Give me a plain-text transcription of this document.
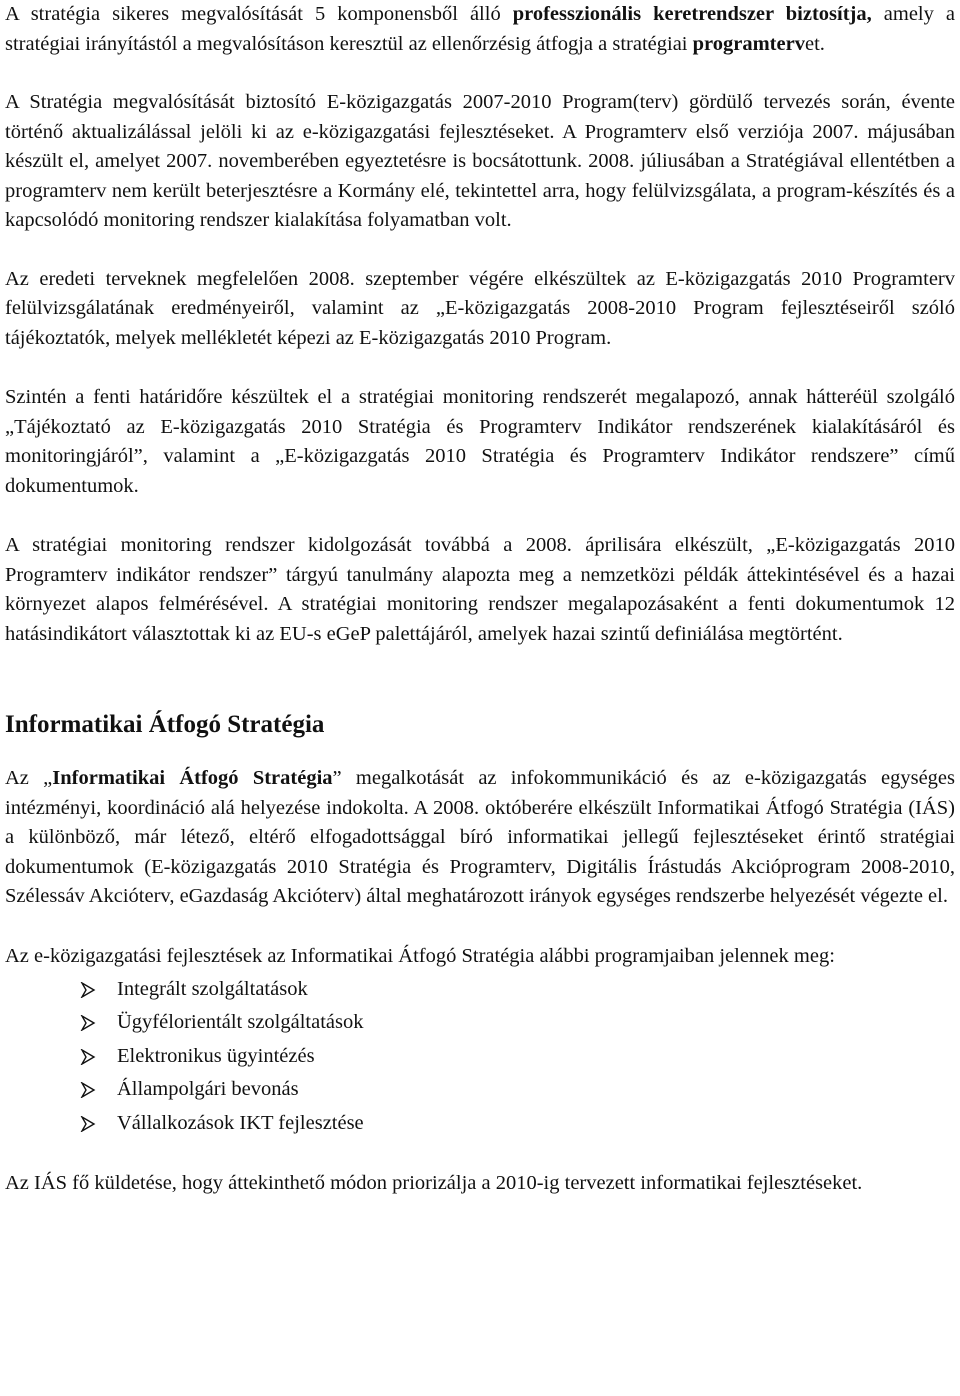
A stratégia sikeres megvalósítását 5 komponensből álló professzionális keretrendszer biztosítja, amely a stratégiai irányítástól a megvalósításon keresztül az ellenőrzésig átfogja a stratégiai programtervet.

A Stratégia megvalósítását biztosító E-közigazgatás 2007-2010 Program(terv) gördülő tervezés során, évente történő aktualizálással jelöli ki az e-közigazgatási fejlesztéseket. A Programterv első verziója 2007. májusában készült el, amelyet 2007. novemberében egyeztetésre is bocsátottunk. 2008. júliusában a Stratégiával ellentétben a programterv nem került beterjesztésre a Kormány elé, tekintettel arra, hogy felülvizsgálata, a program-készítés és a kapcsolódó monitoring rendszer kialakítása folyamatban volt.

Az eredeti terveknek megfelelően 2008. szeptember végére elkészültek az E-közigazgatás 2010 Programterv felülvizsgálatának eredményeiről, valamint az „E-közigazgatás 2008-2010 Program fejlesztéseiről szóló tájékoztatók, melyek mellékletét képezi az E-közigazgatás 2010 Program.

Szintén a fenti határidőre készültek el a stratégiai monitoring rendszerét megalapozó, annak hátteréül szolgáló „Tájékoztató az E-közigazgatás 2010 Stratégia és Programterv Indikátor rendszerének kialakításáról és monitoringjáról”, valamint a „E-közigazgatás 2010 Stratégia és Programterv Indikátor rendszere” című dokumentumok.

A stratégiai monitoring rendszer kidolgozását továbbá a 2008. áprilisára elkészült, „E-közigazgatás 2010 Programterv indikátor rendszer” tárgyú tanulmány alapozta meg a nemzetközi példák áttekintésével és a hazai környezet alapos felmérésével. A stratégiai monitoring rendszer megalapozásaként a fenti dokumentumok 12 hatásindikátort választottak ki az EU-s eGeP palettájáról, amelyek hazai szintű definiálása megtörtént.

Informatikai Átfogó Stratégia

Az „Informatikai Átfogó Stratégia” megalkotását az infokommunikáció és az e-közigazgatás egységes intézményi, koordináció alá helyezése indokolta. A 2008. októberére elkészült Informatikai Átfogó Stratégia (IÁS) a különböző, már létező, eltérő elfogadottsággal bíró informatikai jellegű fejlesztéseket érintő stratégiai dokumentumok (E-közigazgatás 2010 Stratégia és Programterv, Digitális Írástudás Akcióprogram 2008-2010, Szélessáv Akcióterv, eGazdaság Akcióterv) által meghatározott irányok egységes rendszerbe helyezését végezte el.

Az e-közigazgatási fejlesztések az Informatikai Átfogó Stratégia alábbi programjaiban jelennek meg:

Integrált szolgáltatások
Ügyfélorientált szolgáltatások
Elektronikus ügyintézés
Állampolgári bevonás
Vállalkozások IKT fejlesztése

Az IÁS fő küldetése, hogy áttekinthető módon priorizálja a 2010-ig tervezett informatikai fejlesztéseket.
